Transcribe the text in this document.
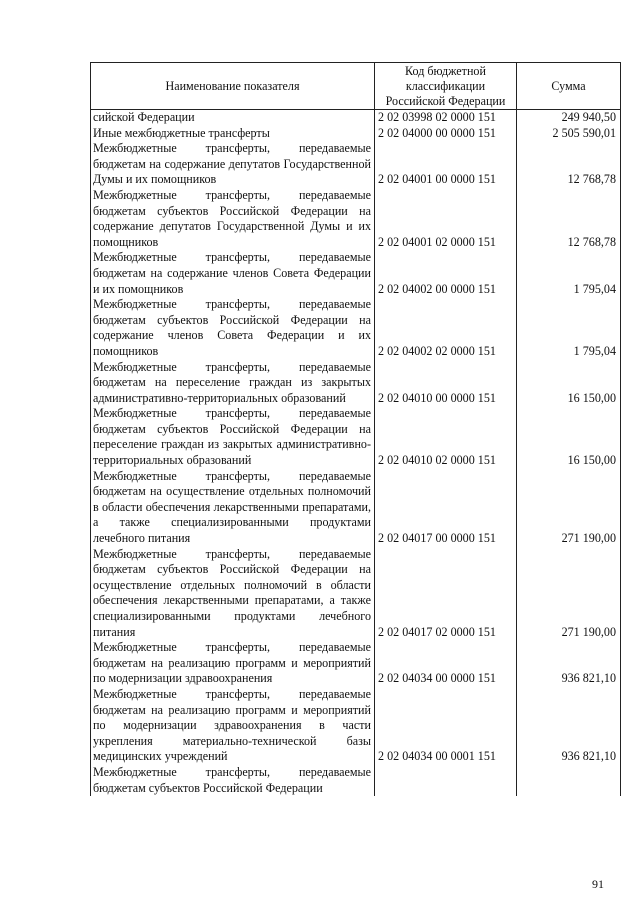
Наименование показателя	Код бюджетной классификации Российской Федерации	Сумма
сийской Федерации	2 02 03998 02 0000 151	249 940,50
Иные межбюджетные трансферты	2 02 04000 00 0000 151	2 505 590,01
Межбюджетные трансферты, передаваемые бюджетам на содержание депутатов Государственной Думы и их помощников	2 02 04001 00 0000 151	12 768,78
Межбюджетные трансферты, передаваемые бюджетам субъектов Российской Федерации на содержание депутатов Государственной Думы и их помощников	2 02 04001 02 0000 151	12 768,78
Межбюджетные трансферты, передаваемые бюджетам на содержание членов Совета Федерации и их помощников	2 02 04002 00 0000 151	1 795,04
Межбюджетные трансферты, передаваемые бюджетам субъектов Российской Федерации на содержание членов Совета Федерации и их помощников	2 02 04002 02 0000 151	1 795,04
Межбюджетные трансферты, передаваемые бюджетам на переселение граждан из закрытых административно-территориальных образований	2 02 04010 00 0000 151	16 150,00
Межбюджетные трансферты, передаваемые бюджетам субъектов Российской Федерации на переселение граждан из закрытых административно-территориальных образований	2 02 04010 02 0000 151	16 150,00
Межбюджетные трансферты, передаваемые бюджетам на осуществление отдельных полномочий в области обеспечения лекарственными препаратами, а также специализированными продуктами лечебного питания	2 02 04017 00 0000 151	271 190,00
Межбюджетные трансферты, передаваемые бюджетам субъектов Российской Федерации на осуществление отдельных полномочий в области обеспечения лекарственными препаратами, а также специализированными продуктами лечебного питания	2 02 04017 02 0000 151	271 190,00
Межбюджетные трансферты, передаваемые бюджетам на реализацию программ и мероприятий по модернизации здравоохранения	2 02 04034 00 0000 151	936 821,10
Межбюджетные трансферты, передаваемые бюджетам на реализацию программ и мероприятий по модернизации здравоохранения в части укрепления материально-технической базы медицинских учреждений	2 02 04034 00 0001 151	936 821,10
Межбюджетные трансферты, передаваемые бюджетам субъектов Российской Федерации		
91
